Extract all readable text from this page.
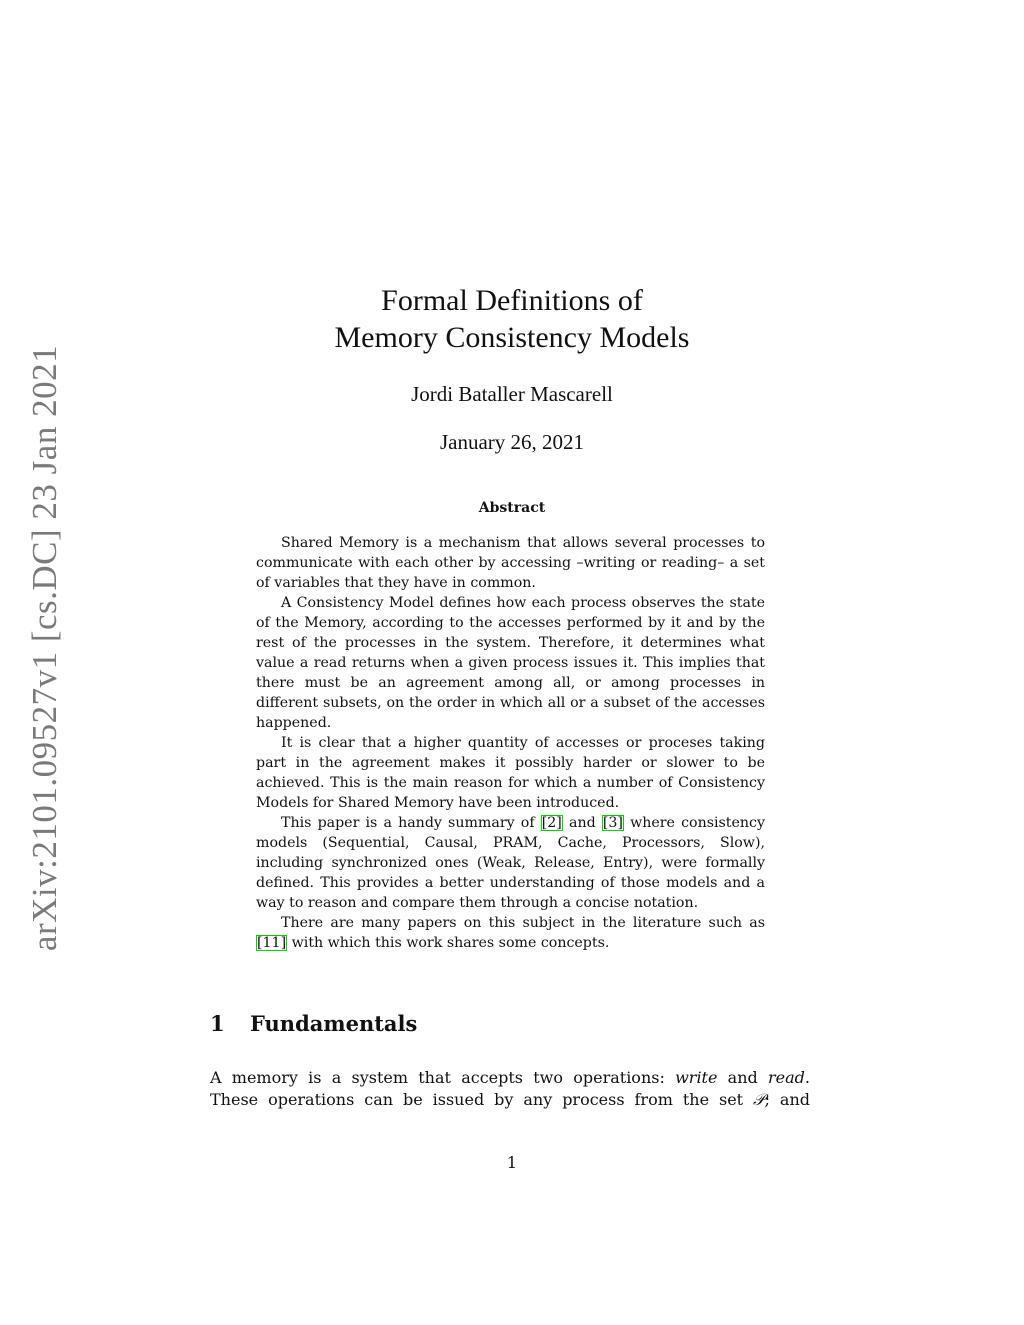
arXiv:2101.09527v1 [cs.DC] 23 Jan 2021

Formal Definitions of

Memory Consistency Models

Jordi Bataller Mascarell
January 26, 2021
Abstract

Shared Memory is a mechanism that allows several processes to communicate with each other by accessing –writing or reading– a set of variables that they have in common.

A Consistency Model defines how each process observes the state of the Memory, according to the accesses performed by it and by the rest of the processes in the system. Therefore, it determines what value a read returns when a given process issues it. This implies that there must be an agreement among all, or among processes in different subsets, on the order in which all or a subset of the accesses happened.

It is clear that a higher quantity of accesses or proceses taking part in the agreement makes it possibly harder or slower to be achieved. This is the main reason for which a number of Consistency Models for Shared Memory have been introduced.

This paper is a handy summary of [2] and [3] where consistency models (Sequential, Causal, PRAM, Cache, Processors, Slow), including synchronized ones (Weak, Release, Entry), were formally defined. This provides a better understanding of those models and a way to reason and compare them through a concise notation.

There are many papers on this subject in the literature such as [11] with which this work shares some concepts.

1 Fundamentals
A memory is a system that accepts two operations: write and read.
These operations can be issued by any process from the set 𝒫; and
1
